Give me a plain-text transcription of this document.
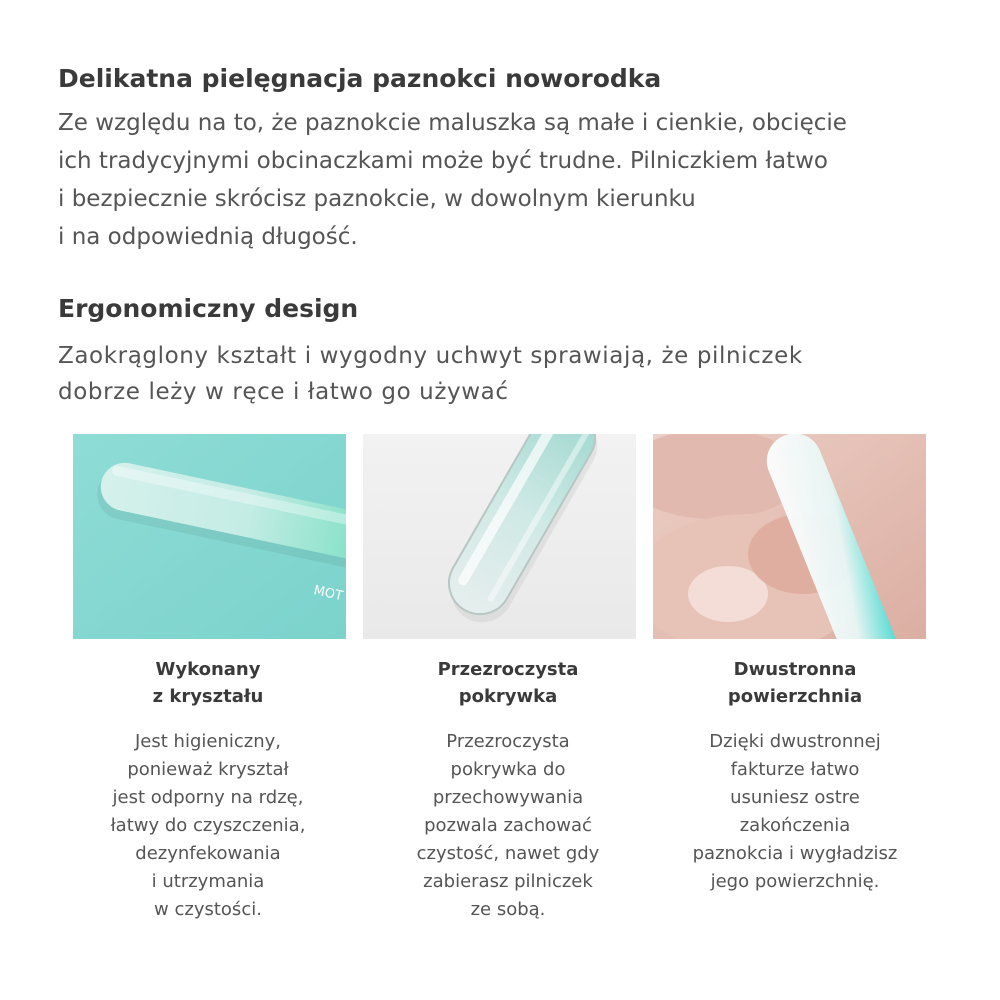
Delikatna pielęgnacja paznokci noworodka

Ze względu na to, że paznokcie maluszka są małe i cienkie, obcięcie
ich tradycyjnymi obcinaczkami może być trudne. Pilniczkiem łatwo
i bezpiecznie skrócisz paznokcie, w dowolnym kierunku
i na odpowiednią długość.

Ergonomiczny design

Zaokrąglony kształt i wygodny uchwyt sprawiają, że pilniczek
dobrze leży w ręce i łatwo go używać

MOT
Wykonany
z kryształu
Jest higieniczny,
ponieważ kryształ
jest odporny na rdzę,
łatwy do czyszczenia,
dezynfekowania
i utrzymania
w czystości.
Przezroczysta
pokrywka
Przezroczysta
pokrywka do
przechowywania
pozwala zachować
czystość, nawet gdy
zabierasz pilniczek
ze sobą.
Dwustronna
powierzchnia
Dzięki dwustronnej
fakturze łatwo
usuniesz ostre
zakończenia
paznokcia i wygładzisz
jego powierzchnię.
